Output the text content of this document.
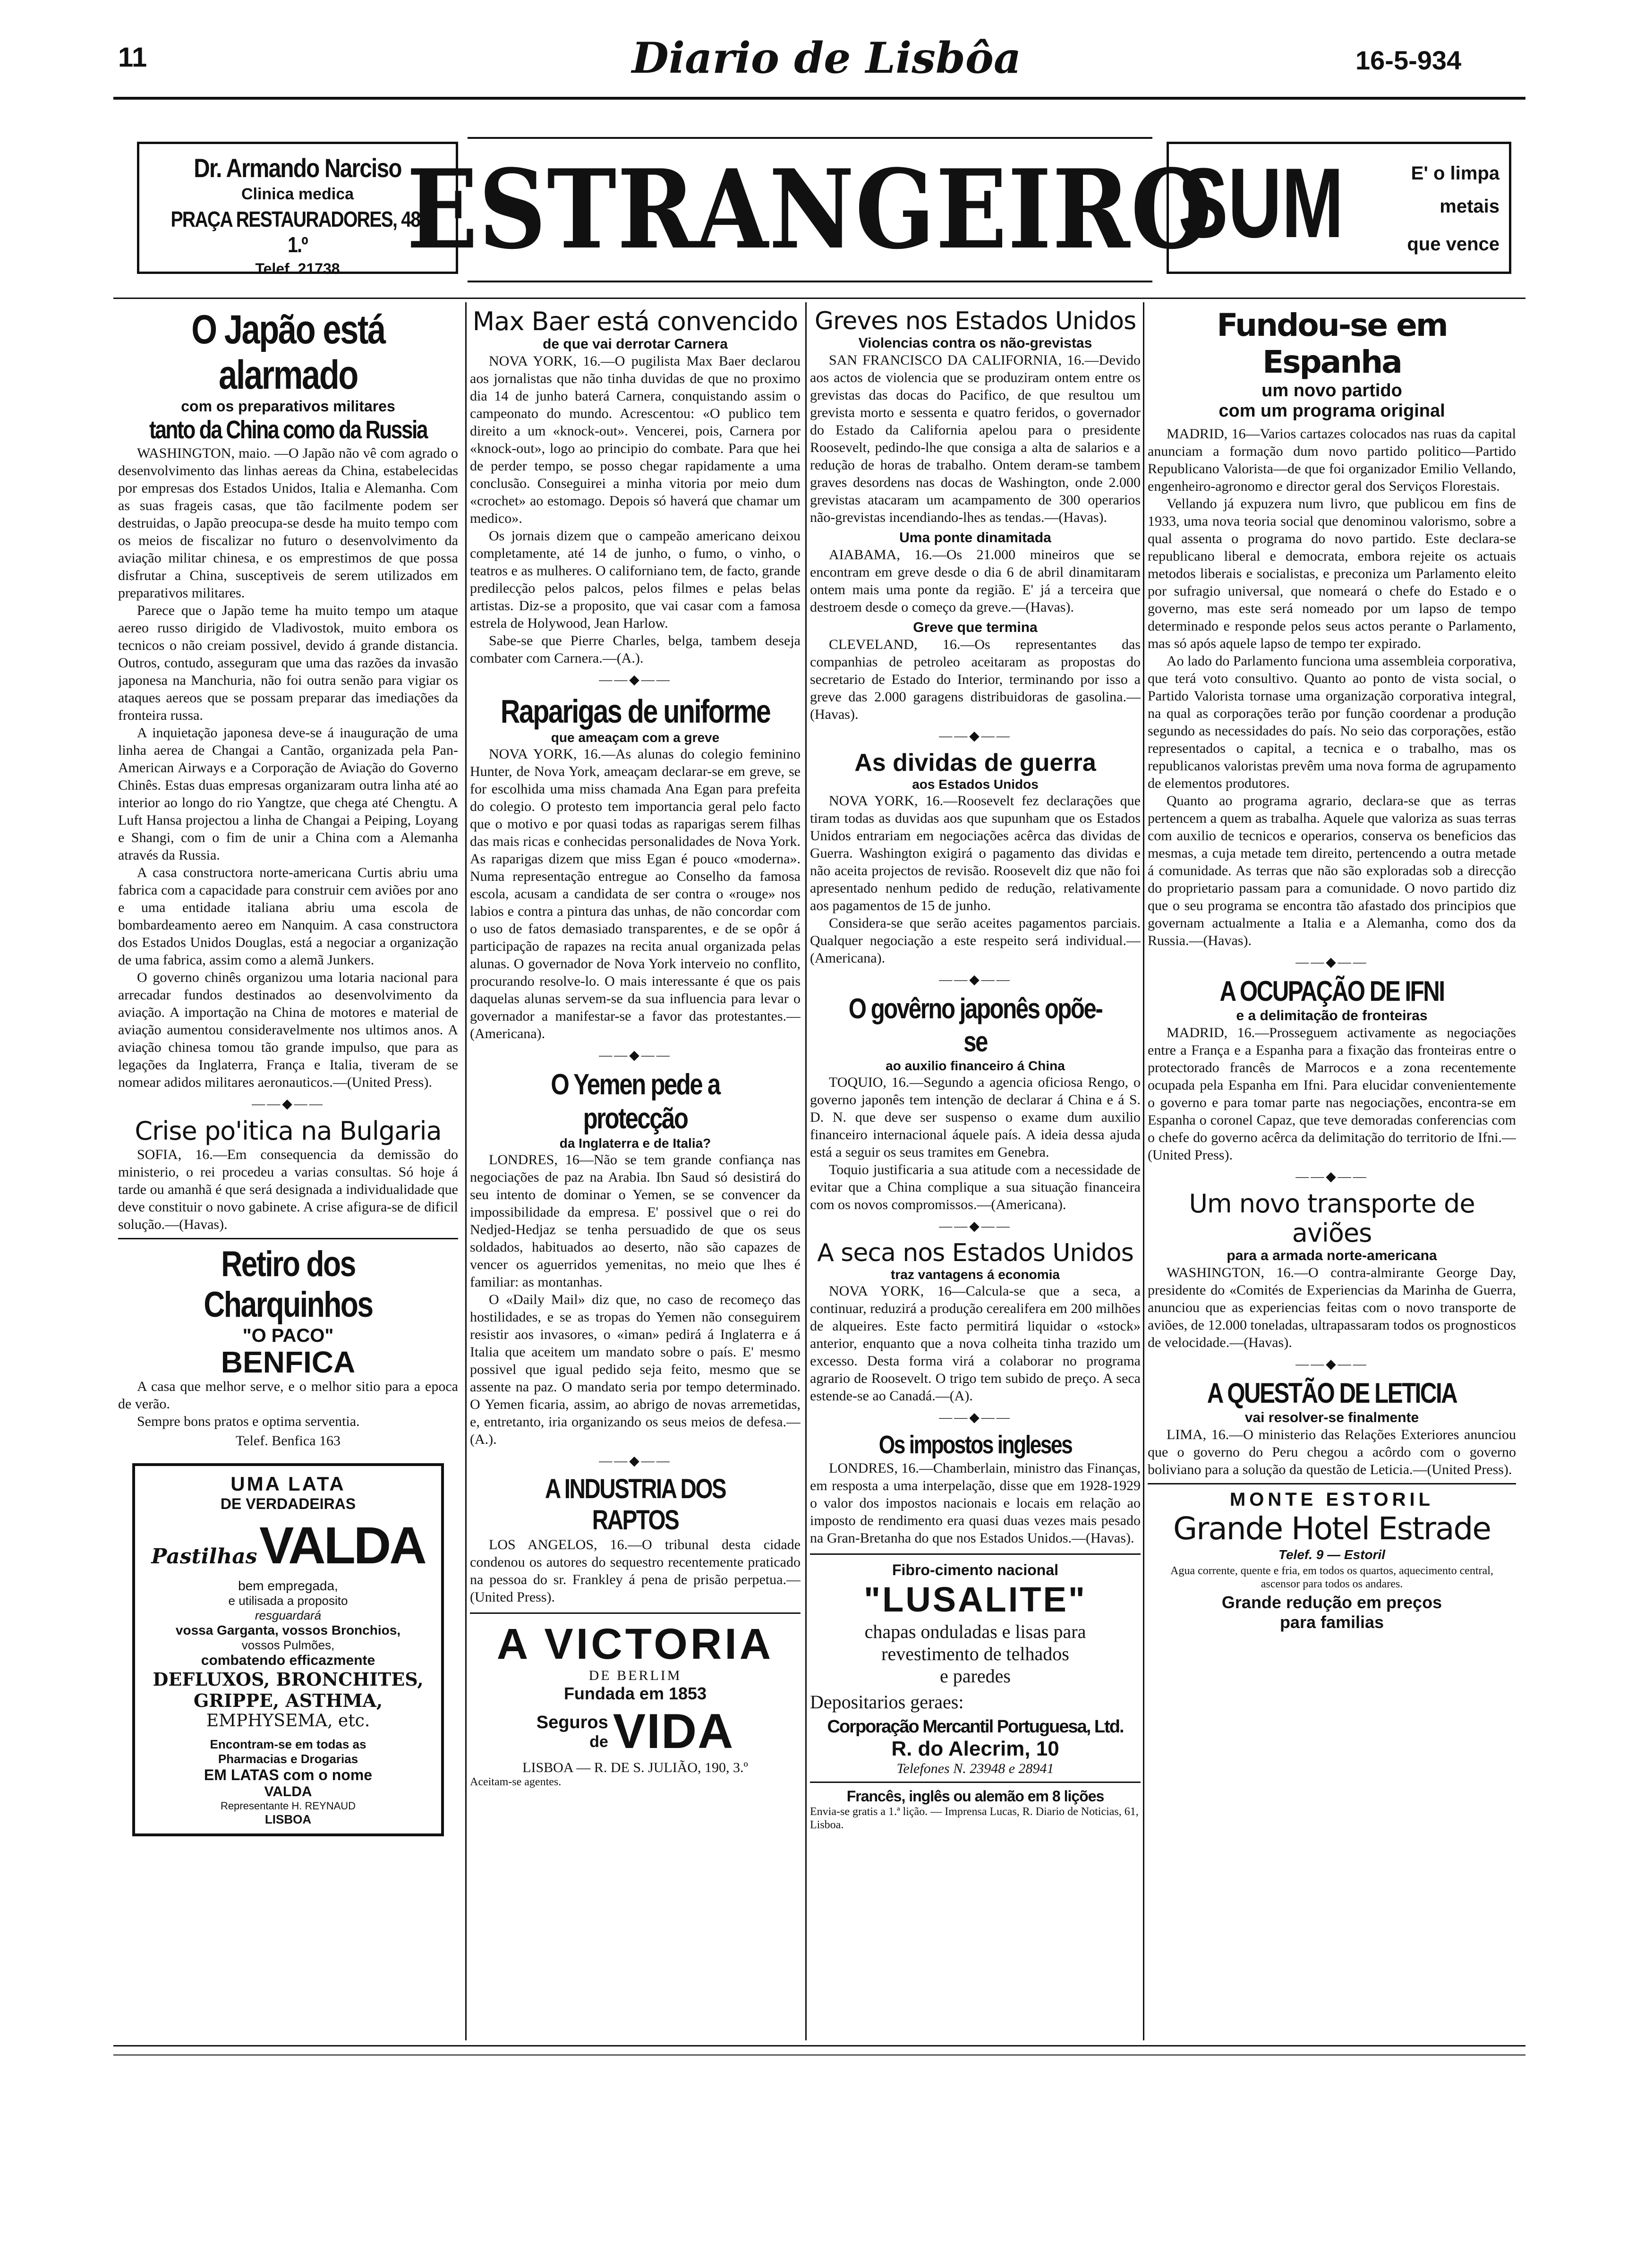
11	Diario de Lisbôa	16-5-934
Dr. Armando Narciso
Clinica medica
PRAÇA RESTAURADORES, 48, 1.º
Telef. 21738 ESTRANGEIRO
SUM	E' o limpa
metais
que vence
O Japão está alarmado
com os preparativos militares
tanto da China como da Russia

WASHINGTON, maio. —O Japão não vê com agrado o desenvolvimento das linhas aereas da China, estabelecidas por empresas dos Estados Unidos, Italia e Alemanha. Com as suas frageis casas, que tão facilmente podem ser destruidas, o Japão preocupa-se desde ha muito tempo com os meios de fiscalizar no futuro o desenvolvimento da aviação militar chinesa, e os emprestimos de que possa disfrutar a China, susceptiveis de serem utilizados em preparativos militares.

Parece que o Japão teme ha muito tempo um ataque aereo russo dirigido de Vladivostok, muito embora os tecnicos o não creiam possivel, devido á grande distancia. Outros, contudo, asseguram que uma das razões da invasão japonesa na Manchuria, não foi outra senão para vigiar os ataques aereos que se possam preparar das imediações da fronteira russa.

A inquietação japonesa deve-se á inauguração de uma linha aerea de Changai a Cantão, organizada pela Pan-American Airways e a Corporação de Aviação do Governo Chinês. Estas duas empresas organizaram outra linha até ao interior ao longo do rio Yangtze, que chega até Chengtu. A Luft Hansa projectou a linha de Changai a Peiping, Loyang e Shangi, com o fim de unir a China com a Alemanha através da Russia.

A casa constructora norte-americana Curtis abriu uma fabrica com a capacidade para construir cem aviões por ano e uma entidade italiana abriu uma escola de bombardeamento aereo em Nanquim. A casa constructora dos Estados Unidos Douglas, está a negociar a organização de uma fabrica, assim como a alemã Junkers.

O governo chinês organizou uma lotaria nacional para arrecadar fundos destinados ao desenvolvimento da aviação. A importação na China de motores e material de aviação aumentou consideravelmente nos ultimos anos. A aviação chinesa tomou tão grande impulso, que para as legações da Inglaterra, França e Italia, tiveram de se nomear adidos militares aeronauticos.—(United Press).

——◆——
Crise po'itica na Bulgaria

SOFIA, 16.—Em consequencia da demissão do ministerio, o rei procedeu a varias consultas. Só hoje á tarde ou amanhã é que será designada a individualidade que deve constituir o novo gabinete. A crise afigura-se de dificil solução.—(Havas).

Retiro dos Charquinhos
"O PACO"
BENFICA

A casa que melhor serve, e o melhor sitio para a epoca de verão.

Sempre bons pratos e optima serventia.

Telef. Benfica 163
UMA LATA
DE VERDADEIRAS
Pastilhas VALDA
bem empregada,
e utilisada a proposito
resguardará
vossa Garganta, vossos Bronchios,
vossos Pulmões,
combatendo efficazmente
DEFLUXOS, BRONCHITES,
GRIPPE, ASTHMA,
EMPHYSEMA, etc.
Encontram-se em todas as
Pharmacias e Drogarias
EM LATAS com o nome
VALDA
Representante H. REYNAUD
LISBOA
Max Baer está convencido
de que vai derrotar Carnera

NOVA YORK, 16.—O pugilista Max Baer declarou aos jornalistas que não tinha duvidas de que no proximo dia 14 de junho baterá Carnera, conquistando assim o campeonato do mundo. Acrescentou: «O publico tem direito a um «knock-out». Vencerei, pois, Carnera por «knock-out», logo ao principio do combate. Para que hei de perder tempo, se posso chegar rapidamente a uma conclusão. Conseguirei a minha vitoria por meio dum «crochet» ao estomago. Depois só haverá que chamar um medico».

Os jornais dizem que o campeão americano deixou completamente, até 14 de junho, o fumo, o vinho, o teatros e as mulheres. O californiano tem, de facto, grande predilecção pelos palcos, pelos filmes e pelas belas artistas. Diz-se a proposito, que vai casar com a famosa estrela de Holywood, Jean Harlow.

Sabe-se que Pierre Charles, belga, tambem deseja combater com Carnera.—(A.).

——◆——
Raparigas de uniforme
que ameaçam com a greve

NOVA YORK, 16.—As alunas do colegio feminino Hunter, de Nova York, ameaçam declarar-se em greve, se for escolhida uma miss chamada Ana Egan para prefeita do colegio. O protesto tem importancia geral pelo facto que o motivo e por quasi todas as raparigas serem filhas das mais ricas e conhecidas personalidades de Nova York. As raparigas dizem que miss Egan é pouco «moderna». Numa representação entregue ao Conselho da famosa escola, acusam a candidata de ser contra o «rouge» nos labios e contra a pintura das unhas, de não concordar com o uso de fatos demasiado transparentes, e de se opôr á participação de rapazes na recita anual organizada pelas alunas. O governador de Nova York interveio no conflito, procurando resolve-lo. O mais interessante é que os pais daquelas alunas servem-se da sua influencia para levar o governador a manifestar-se a favor das protestantes.—(Americana).

——◆——
O Yemen pede a protecção
da Inglaterra e de Italia?

LONDRES, 16—Não se tem grande confiança nas negociações de paz na Arabia. Ibn Saud só desistirá do seu intento de dominar o Yemen, se se convencer da impossibilidade da empresa. E' possivel que o rei do Nedjed-Hedjaz se tenha persuadido de que os seus soldados, habituados ao deserto, não são capazes de vencer os aguerridos yemenitas, no meio que lhes é familiar: as montanhas.

O «Daily Mail» diz que, no caso de recomeço das hostilidades, e se as tropas do Yemen não conseguirem resistir aos invasores, o «iman» pedirá á Inglaterra e á Italia que aceitem um mandato sobre o país. E' mesmo possivel que igual pedido seja feito, mesmo que se assente na paz. O mandato seria por tempo determinado. O Yemen ficaria, assim, ao abrigo de novas arremetidas, e, entretanto, iria organizando os seus meios de defesa.—(A.).

——◆——
A INDUSTRIA DOS RAPTOS

LOS ANGELOS, 16.—O tribunal desta cidade condenou os autores do sequestro recentemente praticado na pessoa do sr. Frankley á pena de prisão perpetua.—(United Press).

A VICTORIA
DE BERLIM
Fundada em 1853
Seguros
de VIDA
LISBOA — R. DE S. JULIÃO, 190, 3.º
Aceitam-se agentes.
Greves nos Estados Unidos
Violencias contra os não-grevistas

SAN FRANCISCO DA CALIFORNIA, 16.—Devido aos actos de violencia que se produziram ontem entre os grevistas das docas do Pacifico, de que resultou um grevista morto e sessenta e quatro feridos, o governador do Estado da California apelou para o presidente Roosevelt, pedindo-lhe que consiga a alta de salarios e a redução de horas de trabalho. Ontem deram-se tambem graves desordens nas docas de Washington, onde 2.000 grevistas atacaram um acampamento de 300 operarios não-grevistas incendiando-lhes as tendas.—(Havas).

Uma ponte dinamitada

AIABAMA, 16.—Os 21.000 mineiros que se encontram em greve desde o dia 6 de abril dinamitaram ontem mais uma ponte da região. E' já a terceira que destroem desde o começo da greve.—(Havas).

Greve que termina

CLEVELAND, 16.—Os representantes das companhias de petroleo aceitaram as propostas do secretario de Estado do Interior, terminando por isso a greve das 2.000 garagens distribuidoras de gasolina.—(Havas).

——◆——
As dividas de guerra
aos Estados Unidos

NOVA YORK, 16.—Roosevelt fez declarações que tiram todas as duvidas aos que supunham que os Estados Unidos entrariam em negociações acêrca das dividas de Guerra. Washington exigirá o pagamento das dividas e não aceita projectos de revisão. Roosevelt diz que não foi apresentado nenhum pedido de redução, relativamente aos pagamentos de 15 de junho.

Considera-se que serão aceites pagamentos parciais. Qualquer negociação a este respeito será individual.—(Americana).

——◆——
O govêrno japonês opõe-se
ao auxilio financeiro á China

TOQUIO, 16.—Segundo a agencia oficiosa Rengo, o governo japonês tem intenção de declarar á China e á S. D. N. que deve ser suspenso o exame dum auxilio financeiro internacional áquele país. A ideia dessa ajuda está a seguir os seus tramites em Genebra.

Toquio justificaria a sua atitude com a necessidade de evitar que a China complique a sua situação financeira com os novos compromissos.—(Americana).

——◆——
A seca nos Estados Unidos
traz vantagens á economia

NOVA YORK, 16—Calcula-se que a seca, a continuar, reduzirá a produção cerealifera em 200 milhões de alqueires. Este facto permitirá liquidar o «stock» anterior, enquanto que a nova colheita tinha trazido um excesso. Desta forma virá a colaborar no programa agrario de Roosevelt. O trigo tem subido de preço. A seca estende-se ao Canadá.—(A).

——◆——
Os impostos ingleses

LONDRES, 16.—Chamberlain, ministro das Finanças, em resposta a uma interpelação, disse que em 1928-1929 o valor dos impostos nacionais e locais em relação ao imposto de rendimento era quasi duas vezes mais pesado na Gran-Bretanha do que nos Estados Unidos.—(Havas).

Fibro-cimento nacional
"LUSALITE"
chapas onduladas e lisas para
revestimento de telhados
e paredes
Depositarios geraes:
Corporação Mercantil Portuguesa, Ltd.
R. do Alecrim, 10
Telefones N. 23948 e 28941
Francês, inglês ou alemão em 8 lições
Envia-se gratis a 1.ª lição. — Imprensa Lucas, R. Diario de Noticias, 61, Lisboa.
Fundou-se em Espanha
um novo partido
com um programa original

MADRID, 16—Varios cartazes colocados nas ruas da capital anunciam a formação dum novo partido politico—Partido Republicano Valorista—de que foi organizador Emilio Vellando, engenheiro-agronomo e director geral dos Serviços Florestais.

Vellando já expuzera num livro, que publicou em fins de 1933, uma nova teoria social que denominou valorismo, sobre a qual assenta o programa do novo partido. Este declara-se republicano liberal e democrata, embora rejeite os actuais metodos liberais e socialistas, e preconiza um Parlamento eleito por sufragio universal, que nomeará o chefe do Estado e o governo, mas este será nomeado por um lapso de tempo determinado e responde pelos seus actos perante o Parlamento, mas só após aquele lapso de tempo ter expirado.

Ao lado do Parlamento funciona uma assembleia corporativa, que terá voto consultivo. Quanto ao ponto de vista social, o Partido Valorista tornase uma organização corporativa integral, na qual as corporações terão por função coordenar a produção segundo as necessidades do país. No seio das corporações, estão representados o capital, a tecnica e o trabalho, mas os republicanos valoristas prevêm uma nova forma de agrupamento de elementos produtores.

Quanto ao programa agrario, declara-se que as terras pertencem a quem as trabalha. Aquele que valoriza as suas terras com auxilio de tecnicos e operarios, conserva os beneficios das mesmas, a cuja metade tem direito, pertencendo a outra metade á comunidade. As terras que não são exploradas sob a direcção do proprietario passam para a comunidade. O novo partido diz que o seu programa se encontra tão afastado dos principios que governam actualmente a Italia e a Alemanha, como dos da Russia.—(Havas).

——◆——
A OCUPAÇÃO DE IFNI
e a delimitação de fronteiras

MADRID, 16.—Prosseguem activamente as negociações entre a França e a Espanha para a fixação das fronteiras entre o protectorado francês de Marrocos e a zona recentemente ocupada pela Espanha em Ifni. Para elucidar convenientemente o governo e para tomar parte nas negociações, encontra-se em Espanha o coronel Capaz, que teve demoradas conferencias com o chefe do governo acêrca da delimitação do territorio de Ifni.—(United Press).

——◆——
Um novo transporte de aviões
para a armada norte-americana

WASHINGTON, 16.—O contra-almirante George Day, presidente do «Comités de Experiencias da Marinha de Guerra, anunciou que as experiencias feitas com o novo transporte de aviões, de 12.000 toneladas, ultrapassaram todos os prognosticos de velocidade.—(Havas).

——◆——
A QUESTÃO DE LETICIA
vai resolver-se finalmente

LIMA, 16.—O ministerio das Relações Exteriores anunciou que o governo do Peru chegou a acôrdo com o governo boliviano para a solução da questão de Leticia.—(United Press).

MONTE ESTORIL
Grande Hotel Estrade
Telef. 9 — Estoril
Agua corrente, quente e fria, em todos os quartos, aquecimento central, ascensor para todos os andares.
Grande redução em preços
para familias
